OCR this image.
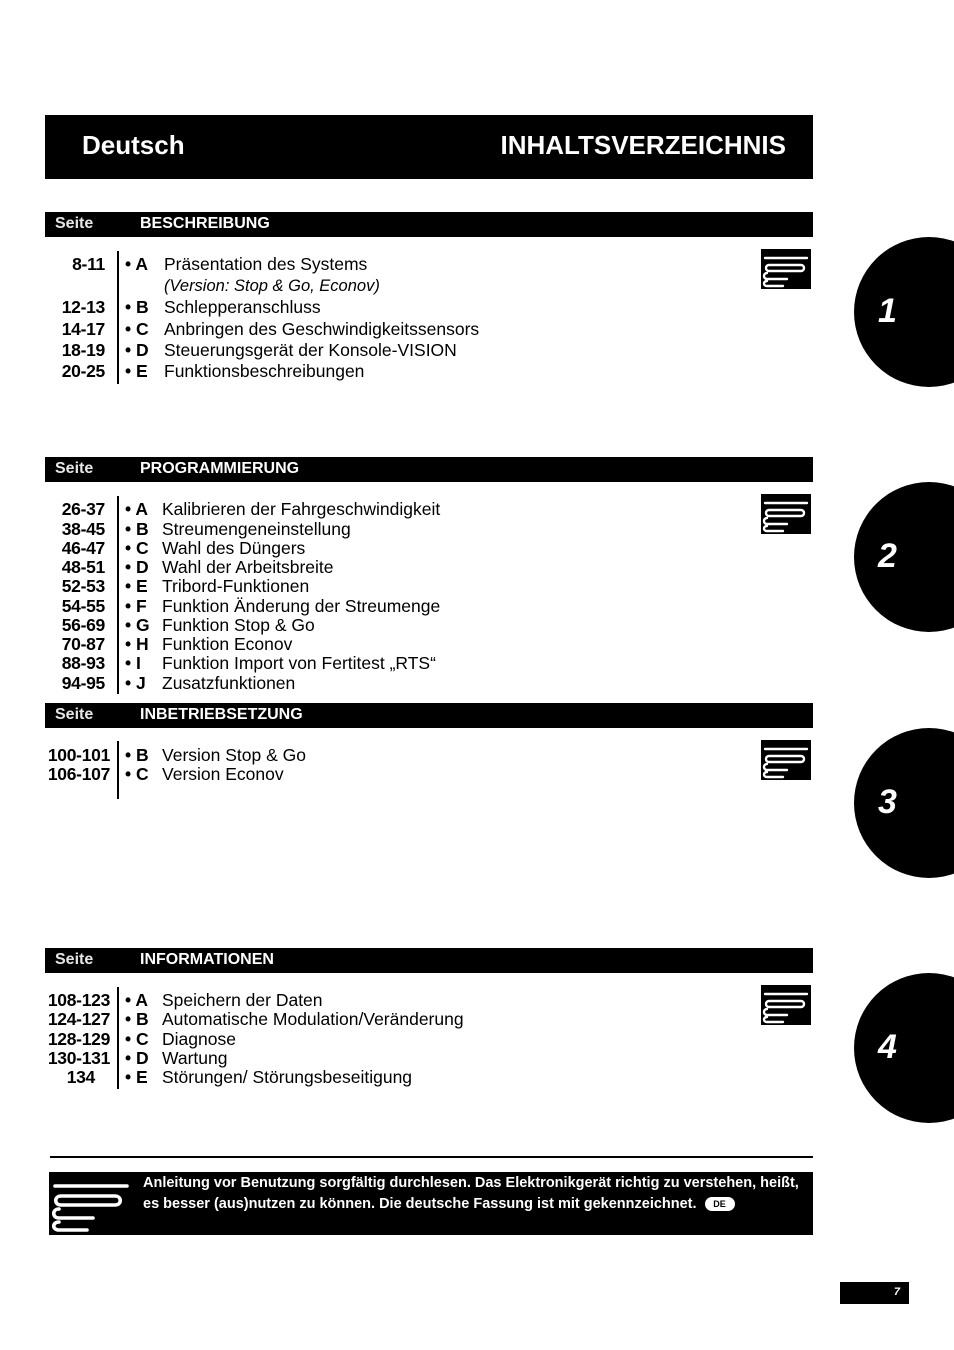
Deutsch	INHALTSVERZEICHNIS
Seite	BESCHREIBUNG
8-11 • A Präsentation des Systems
(Version: Stop & Go, Econov)
12-13 • B Schlepperanschluss
14-17 • C Anbringen des Geschwindigkeitssensors
18-19 • D Steuerungsgerät der Konsole-VISION
20-25 • E Funktionsbeschreibungen
Seite	PROGRAMMIERUNG
26-37 • A Kalibrieren der Fahrgeschwindigkeit
38-45 • B Streumengeneinstellung
46-47 • C Wahl des Düngers
48-51 • D Wahl der Arbeitsbreite
52-53 • E Tribord-Funktionen
54-55 • F Funktion Änderung der Streumenge
56-69 • G Funktion Stop & Go
70-87 • H Funktion Econov
88-93 • I Funktion Import von Fertitest „RTS“
94-95 • J Zusatzfunktionen
Seite	INBETRIEBSETZUNG
100-101 • B Version Stop & Go
106-107 • C Version Econov
Seite	INFORMATIONEN
108-123 • A Speichern der Daten
124-127 • B Automatische Modulation/Veränderung
128-129 • C Diagnose
130-131 • D Wartung
134 • E Störungen/ Störungsbeseitigung
1
2
3
4
Anleitung vor Benutzung sorgfältig durchlesen. Das Elektronikgerät richtig zu verstehen, heißt, es besser (aus)nutzen zu können. Die deutsche Fassung ist mit gekennzeichnet. DE
7
